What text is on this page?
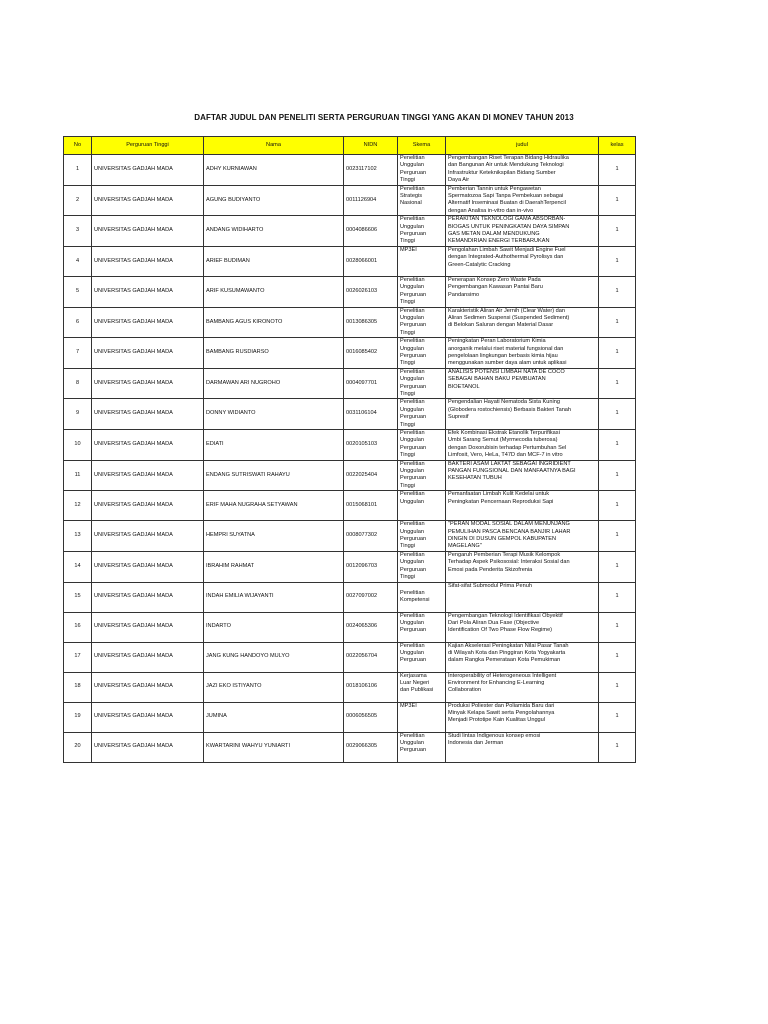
DAFTAR JUDUL DAN PENELITI SERTA PERGURUAN TINGGI YANG AKAN DI MONEV TAHUN 2013
No	Perguruan Tinggi	Nama	NIDN	Skema	judul	kelas
1	UNIVERSITAS GADJAH MADA	ADHY KURNIAWAN	0023117102	Penelitian
Unggulan
Perguruan
Tinggi	Pengembangan Riset Terapan Bidang Hidraulika
dan Bangunan Air untuk Mendukung Teknologi
Infrastruktur Keteknikspilan Bidang Sumber
Daya Air	1
2	UNIVERSITAS GADJAH MADA	AGUNG BUDIYANTO	0011126904	Penelitian
Strategis
Nasional	Pemberian Tannin untuk Pengawetan
Spermatozoa Sapi Tanpa Pembekuan sebagai
Alternatif Inseminasi Buatan di DaerahTerpencil
dengan Analisa in-vitro dan in-vivo	1
3	UNIVERSITAS GADJAH MADA	ANDANG WIDIHARTO	0004086606	Penelitian
Unggulan
Perguruan
Tinggi	PERAKITAN TEKNOLOGI GAMA ABSORBAN-
BIOGAS UNTUK PENINGKATAN DAYA SIMPAN
GAS METAN DALAM MENDUKUNG
KEMANDIRIAN ENERGI TERBARUKAN	1
4	UNIVERSITAS GADJAH MADA	ARIEF BUDIMAN	0028066001	MP3EI	Pengolahan Limbah Sawit Menjadi Engine Fuel
dengan Integrated-Authothermal Pyrolisys dan
Green-Catalytic Cracking	1
5	UNIVERSITAS GADJAH MADA	ARIF KUSUMAWANTO	0026026103	Penelitian
Unggulan
Perguruan
Tinggi	Penerapan Konsep Zero Waste Pada
Pengembangan Kawasan Pantai Baru
Pandansimo	1
6	UNIVERSITAS GADJAH MADA	BAMBANG AGUS KIRONOTO	0013086305	Penelitian
Unggulan
Perguruan
Tinggi	Karakteristik Aliran Air Jernih (Clear Water) dan
Aliran Sedimen Suspensi (Suspended Sediment)
di Belokan Saluran dengan Material Dasar	1
7	UNIVERSITAS GADJAH MADA	BAMBANG RUSDIARSO	0016085402	Penelitian
Unggulan
Perguruan
Tinggi	Peningkatan Peran Laboratorium Kimia
anorganik melalui riset material fungsional dan
pengelolaan lingkungan berbasis kimia hijau
menggunakan sumber daya alam untuk aplikasi	1
8	UNIVERSITAS GADJAH MADA	DARMAWAN ARI NUGROHO	0004097701	Penelitian
Unggulan
Perguruan
Tinggi	ANALISIS POTENSI LIMBAH NATA DE COCO
SEBAGAI BAHAN BAKU PEMBUATAN
BIOETANOL	1
9	UNIVERSITAS GADJAH MADA	DONNY WIDIANTO	0031106104	Penelitian
Unggulan
Perguruan
Tinggi	Pengendalian Hayati Nematoda Sista Kuning
(Globodera rostochiensis) Berbasis Bakteri Tanah
Supresif	1
10	UNIVERSITAS GADJAH MADA	EDIATI	0020105103	Penelitian
Unggulan
Perguruan
Tinggi	Efek Kombinasi Ekstrak Etanolik Terpurifikasi
Umbi Sarang Semut (Myrmecodia tuberosa)
dengan Doxorubisin terhadap Pertumbuhan Sel
Limfosit, Vero, HeLa, T47D dan MCF-7 in vitro	1
11	UNIVERSITAS GADJAH MADA	ENDANG SUTRISWATI RAHAYU	0022025404	Penelitian
Unggulan
Perguruan
Tinggi	BAKTERI ASAM LAKTAT SEBAGAI INGRIDIENT
PANGAN FUNGSIONAL DAN MANFAATNYA BAGI
KESEHATAN TUBUH	1
12	UNIVERSITAS GADJAH MADA	ERIF MAHA NUGRAHA SETYAWAN	0015068101	Penelitian
Unggulan	Pemanfaatan Limbah Kulit Kedelai untuk
Peningkatan Pencernaan Reproduksi Sapi	1
13	UNIVERSITAS GADJAH MADA	HEMPRI SUYATNA	0008077302	Penelitian
Unggulan
Perguruan
Tinggi	"PERAN MODAL SOSIAL DALAM MENUNJANG
PEMULIHAN PASCA BENCANA BANJIR LAHAR
DINGIN DI DUSUN GEMPOL KABUPATEN
MAGELANG"	1
14	UNIVERSITAS GADJAH MADA	IBRAHIM RAHMAT	0012096703	Penelitian
Unggulan
Perguruan
Tinggi	Pengaruh Pemberian Terapi Musik Kelompok
Terhadap Aspek Psikososial: Interaksi Sosial dan
Emosi pada Penderita Skizofrenia	1
15	UNIVERSITAS GADJAH MADA	INDAH EMILIA WIJAYANTI	0027097002	
Penelitian
Kompetensi	Sifat-sifat Submodul Prima Penuh	1
16	UNIVERSITAS GADJAH MADA	INDARTO	0024065306	Penelitian
Unggulan
Perguruan	Pengembangan Teknologi Identifikasi Obyektif
Dari Pola Aliran Dua Fase (Objective
Identification Of Two Phase Flow Regime)	1
17	UNIVERSITAS GADJAH MADA	JANG KUNG HANDOYO MULYO	0022056704	Penelitian
Unggulan
Perguruan	Kajian Akselerasi Peningkatan Nilai Pasar Tanah
di Wilayah Kota dan Pinggiran Kota Yogyakarta
dalam Rangka Pemerataan Kota Pemukiman	1
18	UNIVERSITAS GADJAH MADA	JAZI EKO ISTIYANTO	0018106106	Kerjasama
Luar Negeri
dan Publikasi	Interoperability of Heterogeneous Intelligent
Environment for Enhancing E-Learning
Collaboration	1
19	UNIVERSITAS GADJAH MADA	JUMINA	0006056505	MP3EI	Produksi Poliester dan Poliamida Baru dari
Minyak Kelapa Sawit serta Pengolahannya
Menjadi Prototipe Kain Kualitas Unggul	1
20	UNIVERSITAS GADJAH MADA	KWARTARINI WAHYU YUNIARTI	0029066305	Penelitian
Unggulan
Perguruan	Studi lintas Indigenous konsep emosi
Indonesia dan Jerman	1
